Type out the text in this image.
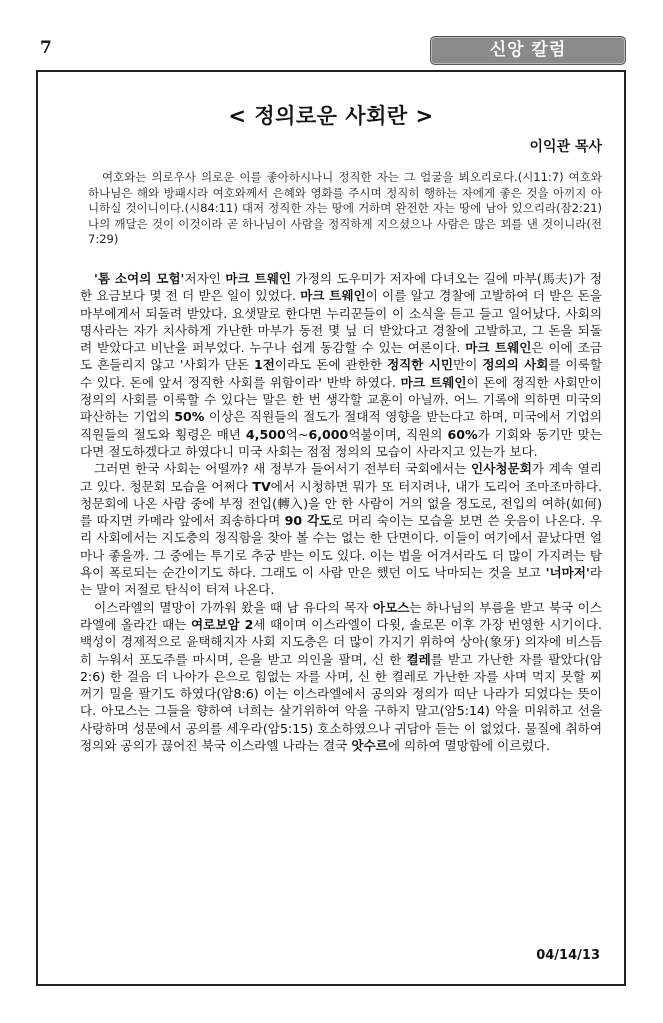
7	신앙 칼럼
< 정의로운 사회란 >
이익관 목사
여호와는 의로우사 의로운 이를 좋아하시나니 정직한 자는 그 얼굴을 뵈오리로다.(시11:7) 여호와 하나님은 해와 방패시라 여호와께서 은혜와 영화를 주시며 정직히 행하는 자에게 좋은 것을 아끼지 아니하실 것이니이다.(시84:11) 대저 정직한 자는 땅에 거하며 완전한 자는 땅에 남아 있으리라(잠2:21) 나의 깨달은 것이 이것이라 곧 하나님이 사람을 정직하게 지으셨으나 사람은 많은 꾀를 낸 것이니라(전7:29)

'톰 소여의 모험'저자인 마크 트웨인 가정의 도우미가 저자에 다녀오는 길에 마부(馬夫)가 정한 요금보다 몇 전 더 받은 일이 있었다. 마크 트웨인이 이를 알고 경찰에 고발하여 더 받은 돈을 마부에게서 되돌려 받았다. 요샛말로 한다면 누리꾼들이 이 소식을 듣고 들고 일어났다. 사회의 명사라는 자가 치사하게 가난한 마부가 동전 몇 닢 더 받았다고 경찰에 고발하고, 그 돈을 되돌려 받았다고 비난을 퍼부었다. 누구나 쉽게 동감할 수 있는 여론이다. 마크 트웨인은 이에 조금도 흔들리지 않고 '사회가 단돈 1전이라도 돈에 관한한 정직한 시민만이 정의의 사회를 이룩할 수 있다. 돈에 앞서 정직한 사회를 위함이라' 반박 하였다. 마크 트웨인이 돈에 정직한 사회만이 정의의 사회를 이룩할 수 있다는 말은 한 번 생각할 교훈이 아닐까. 어느 기록에 의하면 미국의 파산하는 기업의 50% 이상은 직원들의 절도가 절대적 영향을 받는다고 하며, 미국에서 기업의 직원들의 절도와 횡령은 매년 4,500억~6,000억불이며, 직원의 60%가 기회와 동기만 맞는다면 절도하겠다고 하였다니 미국 사회는 점점 정의의 모습이 사라지고 있는가 보다.

그러면 한국 사회는 어떨까? 새 정부가 들어서기 전부터 국회에서는 인사청문회가 계속 열리고 있다. 청문회 모습을 어쩌다 TV에서 시청하면 뭐가 또 터지려나, 내가 도리어 조마조마하다. 청문회에 나온 사람 중에 부정 전입(轉入)을 안 한 사람이 거의 없을 정도로, 전입의 여하(如何)를 따지면 카메라 앞에서 죄송하다며 90 각도로 머리 숙이는 모습을 보면 쓴 웃음이 나온다. 우리 사회에서는 지도층의 정직함을 찾아 볼 수는 없는 한 단면이다. 이들이 여기에서 끝났다면 얼마나 좋을까. 그 중에는 투기로 추궁 받는 이도 있다. 이는 법을 어겨서라도 더 많이 가지려는 탐욕이 폭로되는 순간이기도 하다. 그래도 이 사람 만은 했던 이도 낙마되는 것을 보고 '너마저'라는 말이 저절로 탄식이 터져 나온다.

이스라엘의 멸망이 가까워 왔을 때 남 유다의 목자 아모스는 하나님의 부름을 받고 북국 이스라엘에 올라간 때는 여로보암 2세 때이며 이스라엘이 다윗, 솔로몬 이후 가장 번영한 시기이다. 백성이 경제적으로 윤택해지자 사회 지도층은 더 많이 가지기 위하여 상아(象牙) 의자에 비스듬히 누워서 포도주를 마시며, 은을 받고 의인을 팔며, 신 한 켤레를 받고 가난한 자를 팔았다(암2:6) 한 걸음 더 나아가 은으로 힘없는 자를 사며, 신 한 켤레로 가난한 자를 사며 먹지 못할 찌꺼기 밀을 팔기도 하였다(암8:6) 이는 이스라엘에서 공의와 정의가 떠난 나라가 되었다는 뜻이다. 아모스는 그들을 향하여 너희는 살기위하여 악을 구하지 말고(암5:14) 악을 미워하고 선을 사랑하며 성문에서 공의를 세우라(암5:15) 호소하였으나 귀담아 듣는 이 없었다. 물질에 취하여 정의와 공의가 끊어진 북국 이스라엘 나라는 결국 앗수르에 의하여 멸망함에 이르렀다.

04/14/13
